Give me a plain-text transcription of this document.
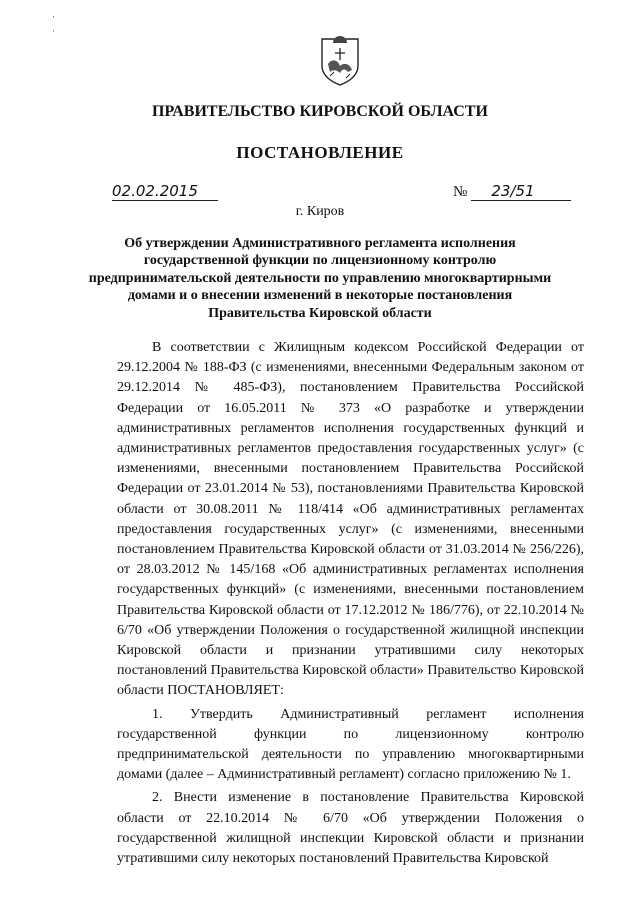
·
·
ПРАВИТЕЛЬСТВО КИРОВСКОЙ ОБЛАСТИ
ПОСТАНОВЛЕНИЕ
02.02.2015	№ 23/51
г. Киров
Об утверждении Административного регламента исполнения
государственной функции по лицензионному контролю
предпринимательской деятельности по управлению многоквартирными
домами и о внесении изменений в некоторые постановления
Правительства Кировской области

В соответствии с Жилищным кодексом Российской Федерации от 29.12.2004 № 188-ФЗ (с изменениями, внесенными Федеральным законом от 29.12.2014 № 485-ФЗ), постановлением Правительства Российской Федерации от 16.05.2011 № 373 «О разработке и утверждении административных регламентов исполнения государственных функций и административных регламентов предоставления государственных услуг» (с изменениями, внесенными постановлением Правительства Российской Федерации от 23.01.2014 № 53), постановлениями Правительства Кировской области от 30.08.2011 № 118/414 «Об административных регламентах предоставления государственных услуг» (с изменениями, внесенными постановлением Правительства Кировской области от 31.03.2014 № 256/226), от 28.03.2012 № 145/168 «Об административных регламентах исполнения государственных функций» (с изменениями, внесенными постановлением Правительства Кировской области от 17.12.2012 № 186/776), от 22.10.2014 № 6/70 «Об утверждении Положения о государственной жилищной инспекции Кировской области и признании утратившими силу некоторых постановлений Правительства Кировской области» Правительство Кировской области ПОСТАНОВЛЯЕТ:

1. Утвердить Административный регламент исполнения государственной функции по лицензионному контролю предпринимательской деятельности по управлению многоквартирными домами (далее – Административный регламент) согласно приложению № 1.

2. Внести изменение в постановление Правительства Кировской области от 22.10.2014 № 6/70 «Об утверждении Положения о государственной жилищной инспекции Кировской области и признании утратившими силу некоторых постановлений Правительства Кировской
